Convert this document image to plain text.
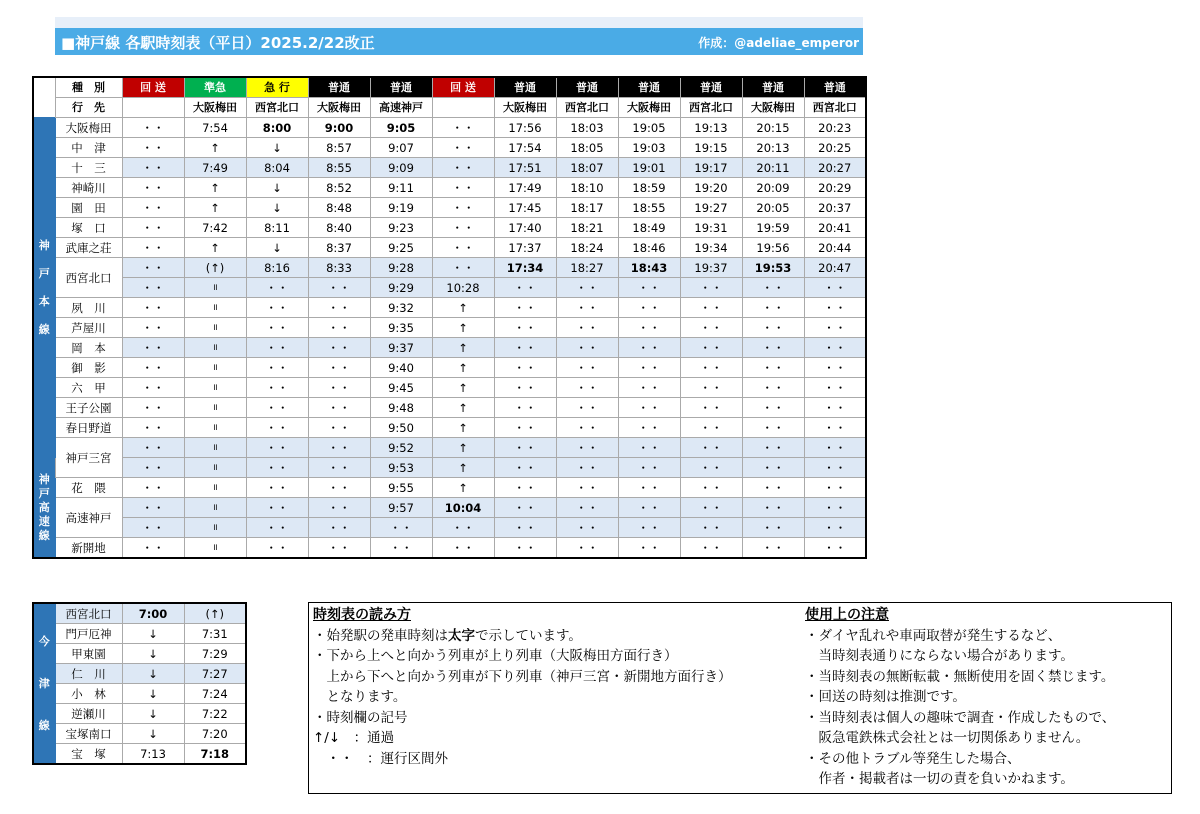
■神戸線 各駅時刻表（平日）2025.2/22改正	作成：@adeliae_emperor
	種　別	回 送	準急	急 行	普通	普通	回 送	普通	普通	普通	普通	普通	普通
	行　先		大阪梅田	西宮北口	大阪梅田	高速神戸		大阪梅田	西宮北口	大阪梅田	西宮北口	大阪梅田	西宮北口
神

戸

本

線	大阪梅田	・・	7:54	8:00	9:00	9:05	・・	17:56	18:03	19:05	19:13	20:15	20:23
	中　津	・・	↑	↓	8:57	9:07	・・	17:54	18:05	19:03	19:15	20:13	20:25
	十　三	・・	7:49	8:04	8:55	9:09	・・	17:51	18:07	19:01	19:17	20:11	20:27
	神崎川	・・	↑	↓	8:52	9:11	・・	17:49	18:10	18:59	19:20	20:09	20:29
	園　田	・・	↑	↓	8:48	9:19	・・	17:45	18:17	18:55	19:27	20:05	20:37
	塚　口	・・	7:42	8:11	8:40	9:23	・・	17:40	18:21	18:49	19:31	19:59	20:41
	武庫之荘	・・	↑	↓	8:37	9:25	・・	17:37	18:24	18:46	19:34	19:56	20:44
	西宮北口	・・	(↑)	8:16	8:33	9:28	・・	17:34	18:27	18:43	19:37	19:53	20:47
		・・	॥	・・	・・	9:29	10:28	・・	・・	・・	・・	・・	・・
	夙　川	・・	॥	・・	・・	9:32	↑	・・	・・	・・	・・	・・	・・
	芦屋川	・・	॥	・・	・・	9:35	↑	・・	・・	・・	・・	・・	・・
	岡　本	・・	॥	・・	・・	9:37	↑	・・	・・	・・	・・	・・	・・
	御　影	・・	॥	・・	・・	9:40	↑	・・	・・	・・	・・	・・	・・
	六　甲	・・	॥	・・	・・	9:45	↑	・・	・・	・・	・・	・・	・・
	王子公園	・・	॥	・・	・・	9:48	↑	・・	・・	・・	・・	・・	・・
	春日野道	・・	॥	・・	・・	9:50	↑	・・	・・	・・	・・	・・	・・
	神戸三宮	・・	॥	・・	・・	9:52	↑	・・	・・	・・	・・	・・	・・
神
戸
高
速
線		・・	॥	・・	・・	9:53	↑	・・	・・	・・	・・	・・	・・
	花　隈	・・	॥	・・	・・	9:55	↑	・・	・・	・・	・・	・・	・・
	高速神戸	・・	॥	・・	・・	9:57	10:04	・・	・・	・・	・・	・・	・・
		・・	॥	・・	・・	・・	・・	・・	・・	・・	・・	・・	・・
	新開地	・・	॥	・・	・・	・・	・・	・・	・・	・・	・・	・・	・・
今

津

線	西宮北口	7:00	(↑)
	門戸厄神	↓	7:31
	甲東園	↓	7:29
	仁　川	↓	7:27
	小　林	↓	7:24
	逆瀬川	↓	7:22
	宝塚南口	↓	7:20
	宝　塚	7:13	7:18
時刻表の読み方
・始発駅の発車時刻は太字で示しています。
・下から上へと向かう列車が上り列車（大阪梅田方面行き）
　上から下へと向かう列車が下り列車（神戸三宮・新開地方面行き）
　となります。
・時刻欄の記号
↑/↓　：通過
　・・　：運行区間外
使用上の注意
・ダイヤ乱れや車両取替が発生するなど、
　当時刻表通りにならない場合があります。
・当時刻表の無断転載・無断使用を固く禁じます。
・回送の時刻は推測です。
・当時刻表は個人の趣味で調査・作成したもので、
　阪急電鉄株式会社とは一切関係ありません。
・その他トラブル等発生した場合、
　作者・掲載者は一切の責を負いかねます。
